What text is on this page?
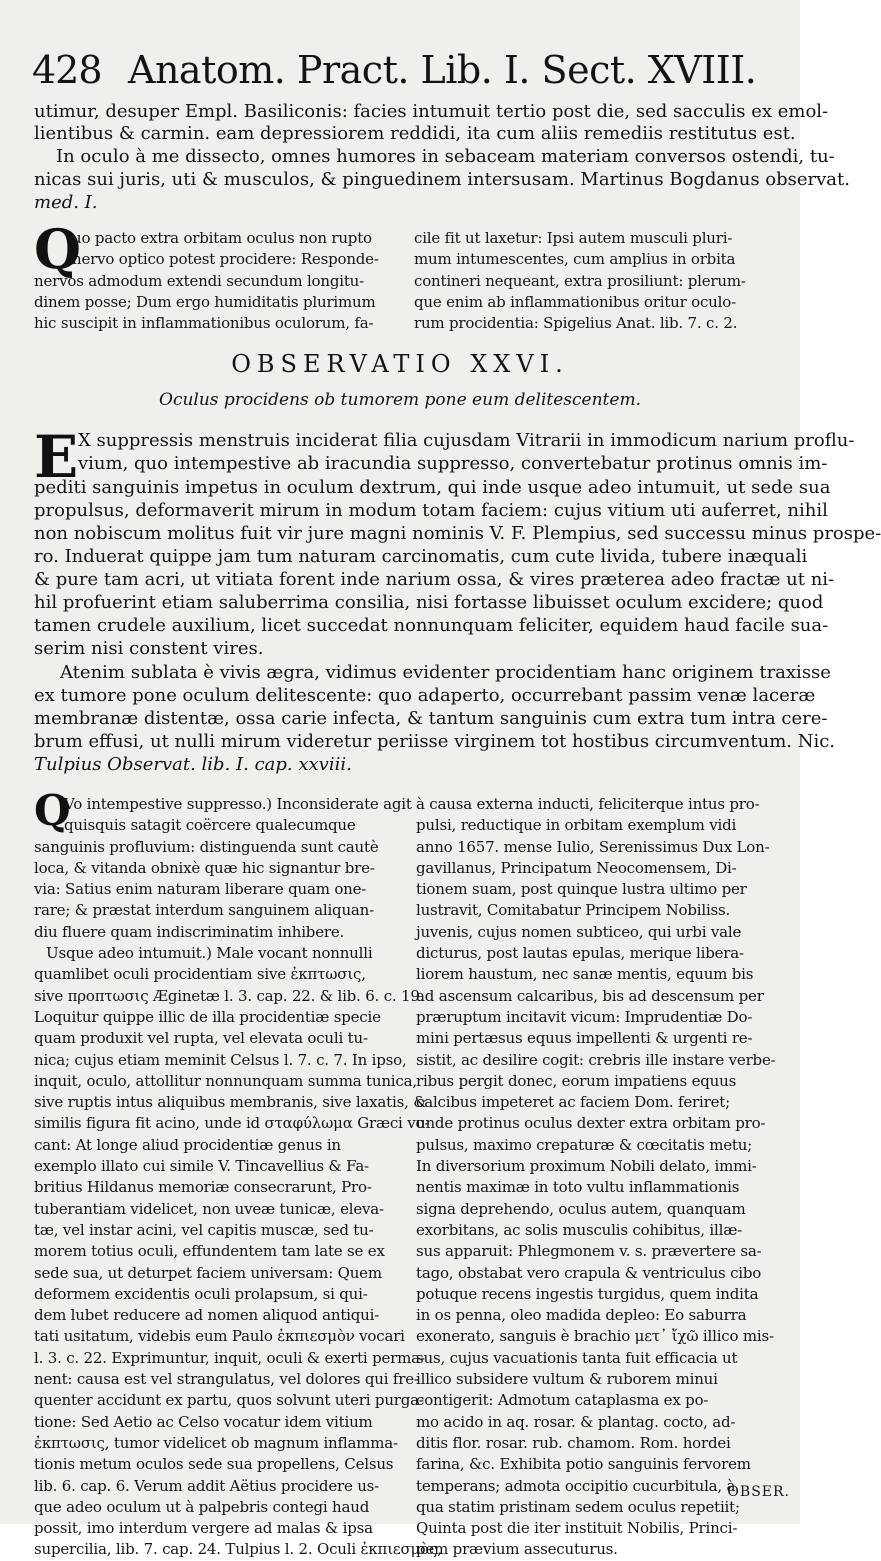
428 Anatom. Pract. Lib. I. Sect. XVIII.
utimur, desuper Empl. Basiliconis: facies intumuit tertio post die, sed sacculis ex emol-
lientibus & carmin. eam depressiorem reddidi, ita cum aliis remediis restitutus est.
In oculo à me dissecto, omnes humores in sebaceam materiam conversos ostendi, tu-
nicas sui juris, uti & musculos, & pinguedinem intersusam. Martinus Bogdanus observat.
med. I.
Q
uo pacto extra orbitam oculus non rupto
nervo optico potest procidere: Responde-
nervos admodum extendi secundum longitu-
dinem posse; Dum ergo humiditatis plurimum
hic suscipit in inflammationibus oculorum, fa-
cile fit ut laxetur: Ipsi autem musculi pluri-
mum intumescentes, cum amplius in orbita
contineri nequeant, extra prosiliunt: plerum-
que enim ab inflammationibus oritur oculo-
rum procidentia: Spigelius Anat. lib. 7. c. 2.
OBSERVATIO XXVI.
Oculus procidens ob tumorem pone eum delitescentem.
E X suppressis menstruis inciderat filia cujusdam Vitrarii in immodicum narium proflu-
vium, quo intempestive ab iracundia suppresso, convertebatur protinus omnis im-
pediti sanguinis impetus in oculum dextrum, qui inde usque adeo intumuit, ut sede sua
propulsus, deformaverit mirum in modum totam faciem: cujus vitium uti auferret, nihil
non nobiscum molitus fuit vir jure magni nominis V. F. Plempius, sed successu minus prospe-
ro. Induerat quippe jam tum naturam carcinomatis, cum cute livida, tubere inæquali
& pure tam acri, ut vitiata forent inde narium ossa, & vires præterea adeo fractæ ut ni-
hil profuerint etiam saluberrima consilia, nisi fortasse libuisset oculum excidere; quod
tamen crudele auxilium, licet succedat nonnunquam feliciter, equidem haud facile sua-
serim nisi constent vires.
Atenim sublata è vivis ægra, vidimus evidenter procidentiam hanc originem traxisse
ex tumore pone oculum delitescente: quo adaperto, occurrebant passim venæ laceræ
membranæ distentæ, ossa carie infecta, & tantum sanguinis cum extra tum intra cere-
brum effusi, ut nulli mirum videretur periisse virginem tot hostibus circumventum. Nic.
Tulpius Observat. lib. I. cap. xxviii.
Q
Vo intempestive suppresso.) Inconsiderate agit
quisquis satagit coërcere qualecumque
sanguinis profluvium: distinguenda sunt cautè
loca, & vitanda obnixè quæ hic signantur bre-
via: Satius enim naturam liberare quam one-
rare; & præstat interdum sanguinem aliquan-
diu fluere quam indiscriminatim inhibere.
Usque adeo intumuit.) Male vocant nonnulli
quamlibet oculi procidentiam sive ἐκπτωσις,
sive προπτωσις Æginetæ l. 3. cap. 22. & lib. 6. c. 19.
Loquitur quippe illic de illa procidentiæ specie
quam produxit vel rupta, vel elevata oculi tu-
nica; cujus etiam meminit Celsus l. 7. c. 7. In ipso,
inquit, oculo, attollitur nonnunquam summa tunica,
sive ruptis intus aliquibus membranis, sive laxatis, &
similis figura fit acino, unde id σταφύλωμα Græci vo-
cant: At longe aliud procidentiæ genus in
exemplo illato cui simile V. Tincavellius & Fa-
britius Hildanus memoriæ consecrarunt, Pro-
tuberantiam videlicet, non uveæ tunicæ, eleva-
tæ, vel instar acini, vel capitis muscæ, sed tu-
morem totius oculi, effundentem tam late se ex
sede sua, ut deturpet faciem universam: Quem
deformem excidentis oculi prolapsum, si qui-
dem lubet reducere ad nomen aliquod antiqui-
tati usitatum, videbis eum Paulo ἐκπιεσμὸν vocari
l. 3. c. 22. Exprimuntur, inquit, oculi & exerti perma-
nent: causa est vel strangulatus, vel dolores qui fre-
quenter accidunt ex partu, quos solvunt uteri purga-
tione: Sed Aetio ac Celso vocatur idem vitium
ἐκπτωσις, tumor videlicet ob magnum inflamma-
tionis metum oculos sede sua propellens, Celsus
lib. 6. cap. 6. Verum addit Aëtius procidere us-
que adeo oculum ut à palpebris contegi haud
possit, imo interdum vergere ad malas & ipsa
supercilia, lib. 7. cap. 24. Tulpius l. 2. Oculi ἐκπιεσμὸς,
à causa externa inducti, feliciterque intus pro-
pulsi, reductique in orbitam exemplum vidi
anno 1657. mense Iulio, Serenissimus Dux Lon-
gavillanus, Principatum Neocomensem, Di-
tionem suam, post quinque lustra ultimo per
lustravit, Comitabatur Principem Nobiliss.
juvenis, cujus nomen subticeo, qui urbi vale
dicturus, post lautas epulas, merique libera-
liorem haustum, nec sanæ mentis, equum bis
ad ascensum calcaribus, bis ad descensum per
præruptum incitavit vicum: Imprudentiæ Do-
mini pertæsus equus impellenti & urgenti re-
sistit, ac desilire cogit: crebris ille instare verbe-
ribus pergit donec, eorum impatiens equus
calcibus impeteret ac faciem Dom. feriret;
unde protinus oculus dexter extra orbitam pro-
pulsus, maximo crepaturæ & cœcitatis metu;
In diversorium proximum Nobili delato, immi-
nentis maximæ in toto vultu inflammationis
signa deprehendo, oculus autem, quanquam
exorbitans, ac solis musculis cohibitus, illæ-
sus apparuit: Phlegmonem v. s. prævertere sa-
tago, obstabat vero crapula & ventriculus cibo
potuque recens ingestis turgidus, quem indita
in os penna, oleo madida depleo: Eo saburra
exonerato, sanguis è brachio μετ᾽ ἴχῶ illico mis-
sus, cujus vacuationis tanta fuit efficacia ut
illico subsidere vultum & ruborem minui
contigerit: Admotum cataplasma ex po-
mo acido in aq. rosar. & plantag. cocto, ad-
ditis flor. rosar. rub. chamom. Rom. hordei
farina, &c. Exhibita potio sanguinis fervorem
temperans; admota occipitio cucurbitula, à
qua statim pristinam sedem oculus repetiit;
Quinta post die iter instituit Nobilis, Princi-
pem prævium assecuturus.
OBSER.
